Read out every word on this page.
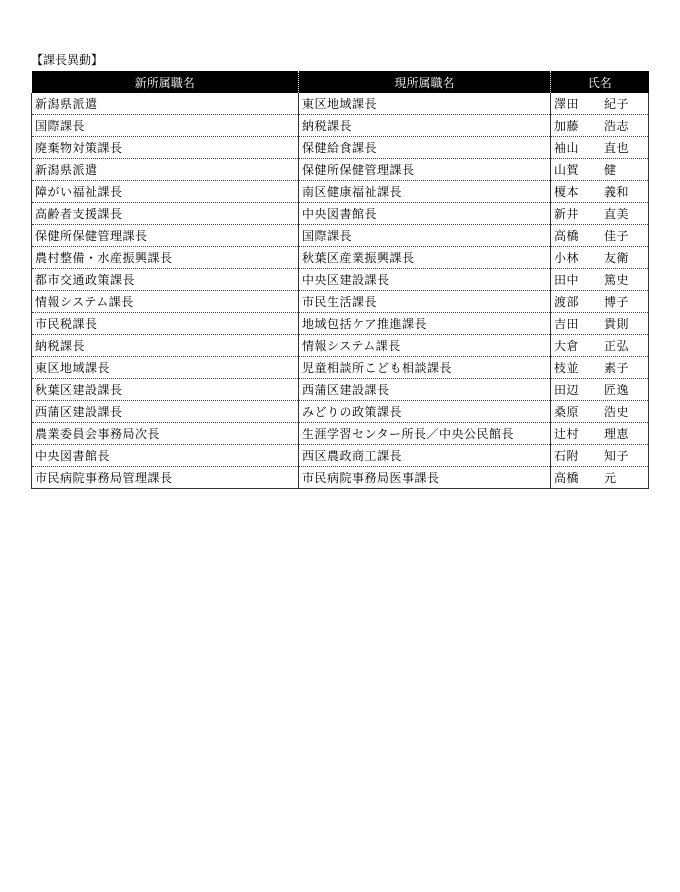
【課長異動】
新所属職名	現所属職名	氏名
新潟県派遣	東区地域課長	澤田 紀子
国際課長	納税課長	加藤 浩志
廃棄物対策課長	保健給食課長	袖山 直也
新潟県派遣	保健所保健管理課長	山賀 健
障がい福祉課長	南区健康福祉課長	榎本 義和
高齢者支援課長	中央図書館長	新井 直美
保健所保健管理課長	国際課長	高橋 佳子
農村整備・水産振興課長	秋葉区産業振興課長	小林 友衛
都市交通政策課長	中央区建設課長	田中 篤史
情報システム課長	市民生活課長	渡部 博子
市民税課長	地域包括ケア推進課長	吉田 貴則
納税課長	情報システム課長	大倉 正弘
東区地域課長	児童相談所こども相談課長	枝並 素子
秋葉区建設課長	西蒲区建設課長	田辺 匠逸
西蒲区建設課長	みどりの政策課長	桑原 浩史
農業委員会事務局次長	生涯学習センター所長／中央公民館長	辻村 理恵
中央図書館長	西区農政商工課長	石附 知子
市民病院事務局管理課長	市民病院事務局医事課長	高橋 元
